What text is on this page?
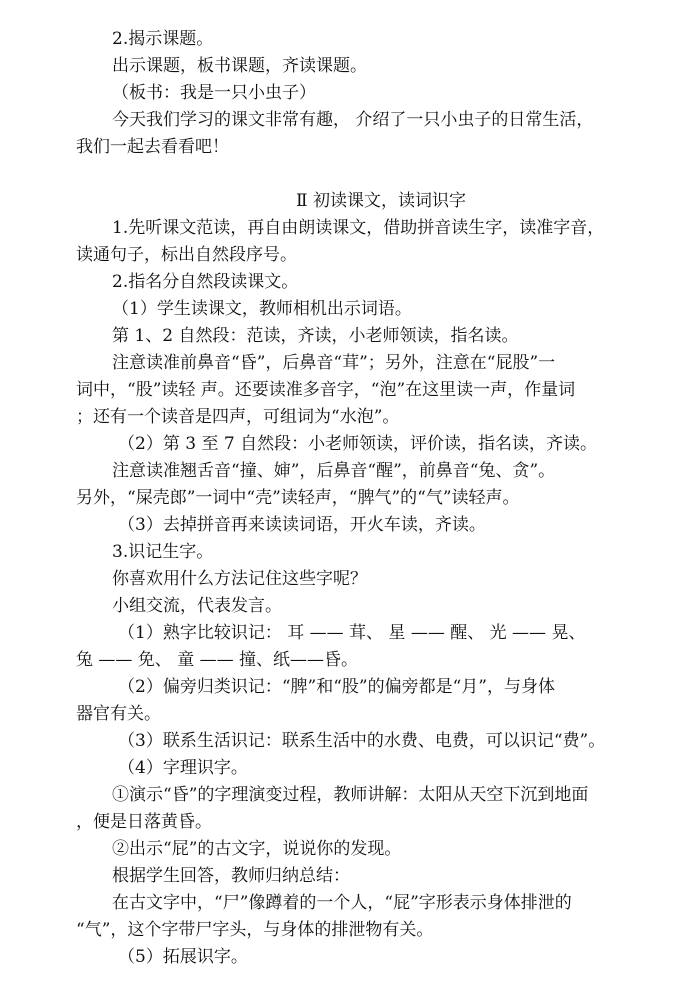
2.揭示课题。
出示课题，板书课题，齐读课题。
（板书：我是一只小虫子）
今天我们学习的课文非常有趣， 介绍了一只小虫子的日常生活，
我们一起去看看吧！
Ⅱ 初读课文，读词识字
1.先听课文范读，再自由朗读课文，借助拼音读生字，读准字音，
读通句子，标出自然段序号。
2.指名分自然段读课文。
（1）学生读课文，教师相机出示词语。
第 1、2 自然段：范读，齐读，小老师领读，指名读。
注意读准前鼻音“昏”，后鼻音“茸”；另外，注意在“屁股”一
词中，“股”读轻 声。还要读准多音字，“泡”在这里读一声，作量词
；还有一个读音是四声，可组词为“水泡”。
（2）第 3 至 7 自然段：小老师领读，评价读，指名读，齐读。
注意读准翘舌音“撞、婶”，后鼻音“醒”，前鼻音“兔、贪”。
另外，“屎壳郎”一词中“壳”读轻声，“脾气”的“气”读轻声。
（3）去掉拼音再来读读词语，开火车读，齐读。
3.识记生字。
你喜欢用什么方法记住这些字呢？
小组交流，代表发言。
（1）熟字比较识记： 耳 —— 茸、 星 —— 醒、 光 —— 晃、
兔 —— 免、 童 —— 撞、纸——昏。
（2）偏旁归类识记：“脾”和“股”的偏旁都是“月”，与身体
器官有关。
（3）联系生活识记：联系生活中的水费、电费，可以识记“费”。
（4）字理识字。
①演示“昏”的字理演变过程，教师讲解：太阳从天空下沉到地面
，便是日落黄昏。
②出示“屁”的古文字，说说你的发现。
根据学生回答，教师归纳总结：
在古文字中，“尸”像蹲着的一个人，“屁”字形表示身体排泄的
“气”，这个字带尸字头，与身体的排泄物有关。
（5）拓展识字。
